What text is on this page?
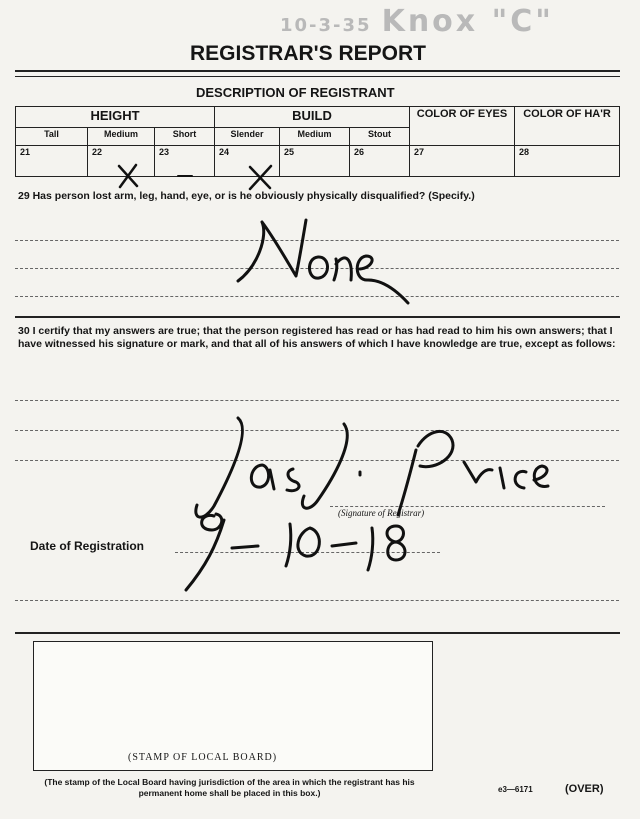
10-3-35 Knox "C"
REGISTRAR'S REPORT
DESCRIPTION OF REGISTRANT
HEIGHT			BUILD			COLOR OF EYES	COLOR OF HA'R
Tall	Medium	Short	Slender	Medium	Stout		
21	22	23	24	25	26	27	28
29 Has person lost arm, leg, hand, eye, or is he obviously physically disqualified? (Specify.)
30 I certify that my answers are true; that the person registered has read or has had read to him his own answers; that I have witnessed his signature or mark, and that all of his answers of which I have knowledge are true, except as follows:
(Signature of Registrar)
Date of Registration
(STAMP OF LOCAL BOARD)
(The stamp of the Local Board having jurisdiction of the area in which the registrant has his permanent home shall be placed in this box.)	e3—6171	(OVER)
